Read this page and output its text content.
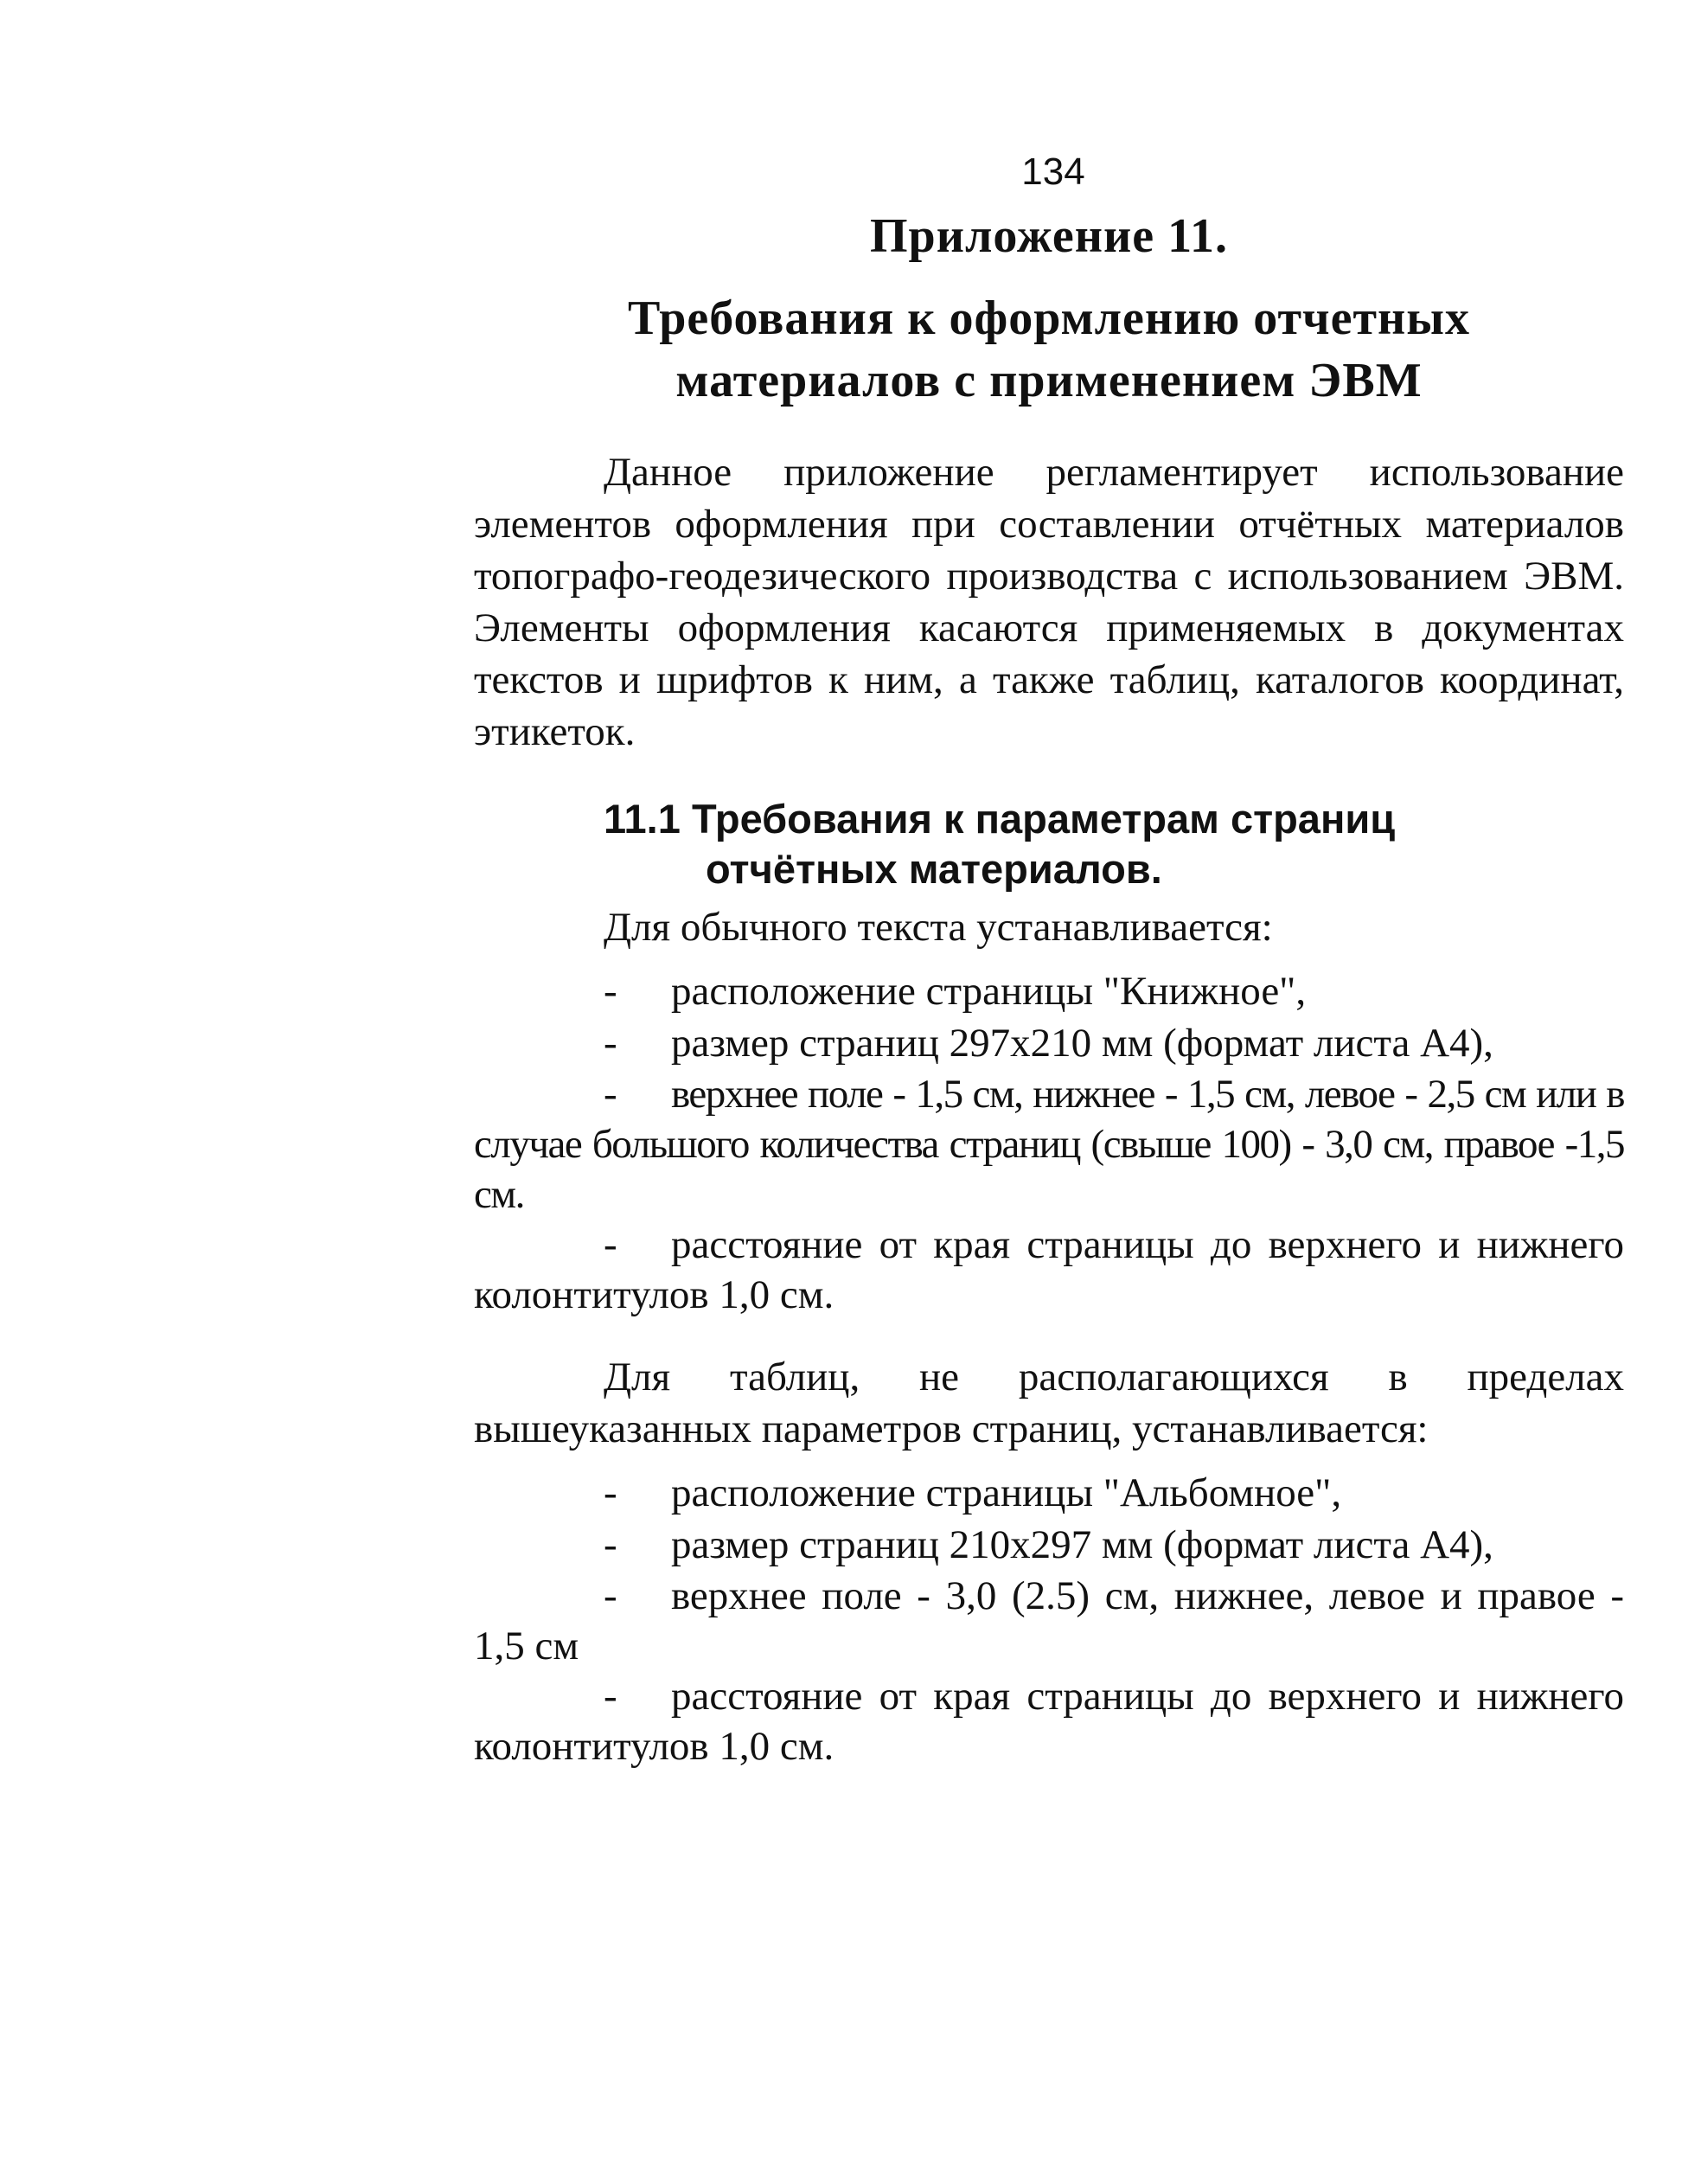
134
Приложение 11.
Требования к оформлению отчетных
материалов с применением ЭВМ

Данное приложение регламентирует использование элементов оформления при составлении отчётных материалов топографо-геодезического производства с использованием ЭВМ. Элементы оформления касаются применяемых в документах текстов и шрифтов к ним, а также таблиц, каталогов координат, этикеток.

11.1 Требования к параметрам страниц
отчётных материалов.

Для обычного текста устанавливается:

-	расположение страницы "Книжное",
-	размер страниц 297х210 мм (формат листа А4),

- верхнее поле - 1,5 см, нижнее - 1,5 см, левое - 2,5 см или в случае большого количества страниц (свыше 100) - 3,0 см, правое -1,5 см.

- расстояние от края страницы до верхнего и нижнего колонтитулов 1,0 см.

Для таблиц, не располагающихся в пределах вышеуказанных параметров страниц, устанавливается:

-	расположение страницы "Альбомное",
-	размер страниц 210х297 мм (формат листа А4),

- верхнее поле - 3,0 (2.5) см, нижнее, левое и правое - 1,5 см

- расстояние от края страницы до верхнего и нижнего колонтитулов 1,0 см.
